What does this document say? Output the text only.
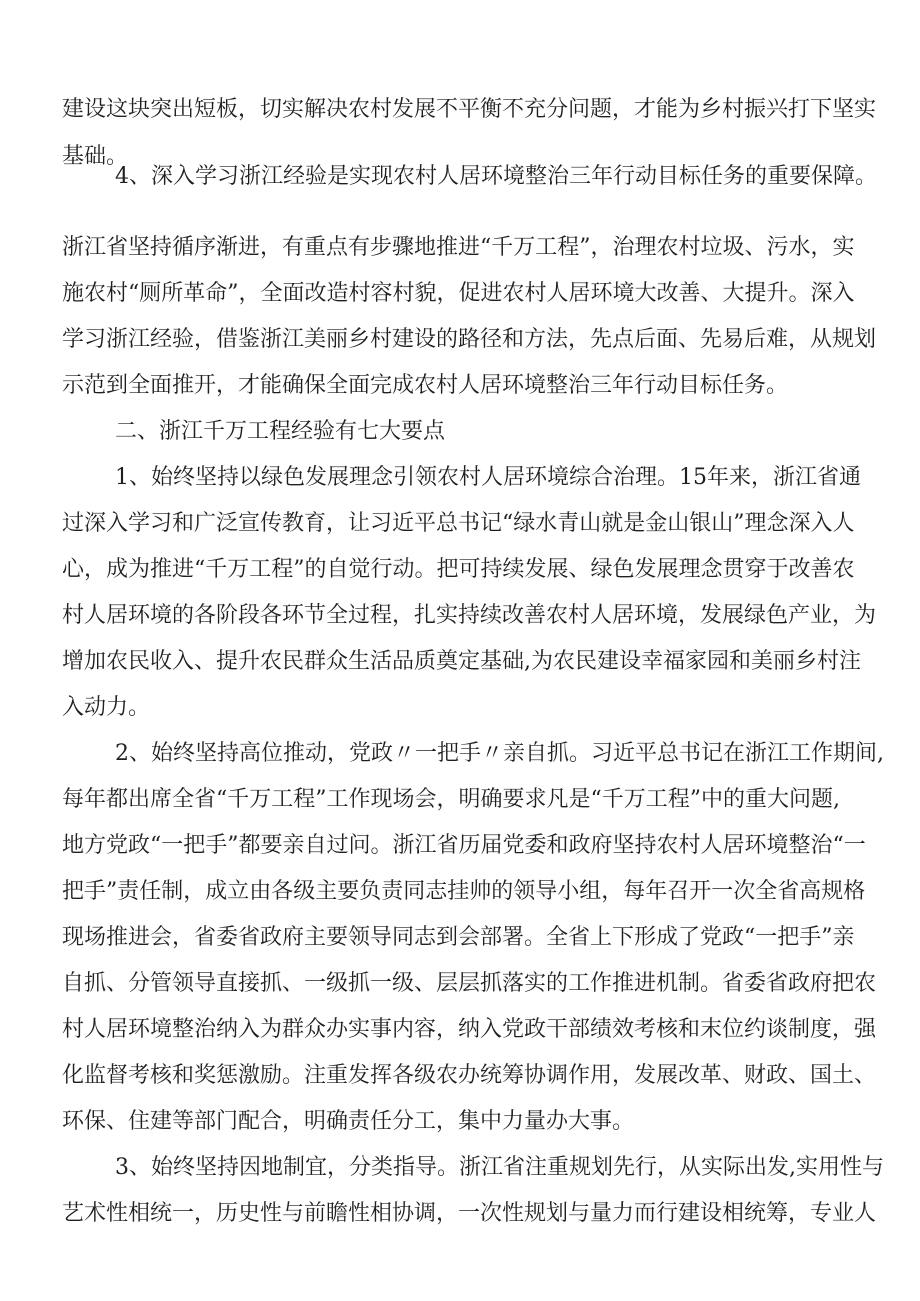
建设这块突出短板，切实解决农村发展不平衡不充分问题，才能为乡村振兴打下坚实
基础。
4、深入学习浙江经验是实现农村人居环境整治三年行动目标任务的重要保障。
浙江省坚持循序渐进，有重点有步骤地推进“千万工程”，治理农村垃圾、污水，实
施农村“厕所革命”，全面改造村容村貌，促进农村人居环境大改善、大提升。深入
学习浙江经验，借鉴浙江美丽乡村建设的路径和方法，先点后面、先易后难，从规划
示范到全面推开，才能确保全面完成农村人居环境整治三年行动目标任务。
二、浙江千万工程经验有七大要点
1、始终坚持以绿色发展理念引领农村人居环境综合治理。15年来，浙江省通
过深入学习和广泛宣传教育，让习近平总书记“绿水青山就是金山银山”理念深入人
心，成为推进“千万工程”的自觉行动。把可持续发展、绿色发展理念贯穿于改善农
村人居环境的各阶段各环节全过程，扎实持续改善农村人居环境，发展绿色产业，为
增加农民收入、提升农民群众生活品质奠定基础,为农民建设幸福家园和美丽乡村注
入动力。
2、始终坚持高位推动，党政〃一把手〃亲自抓。习近平总书记在浙江工作期间,
每年都出席全省“千万工程”工作现场会，明确要求凡是“千万工程”中的重大问题,
地方党政“一把手”都要亲自过问。浙江省历届党委和政府坚持农村人居环境整治“一
把手”责任制，成立由各级主要负责同志挂帅的领导小组，每年召开一次全省高规格
现场推进会，省委省政府主要领导同志到会部署。全省上下形成了党政“一把手”亲
自抓、分管领导直接抓、一级抓一级、层层抓落实的工作推进机制。省委省政府把农
村人居环境整治纳入为群众办实事内容，纳入党政干部绩效考核和末位约谈制度，强
化监督考核和奖惩激励。注重发挥各级农办统筹协调作用，发展改革、财政、国土、
环保、住建等部门配合，明确责任分工，集中力量办大事。
3、始终坚持因地制宜，分类指导。浙江省注重规划先行，从实际出发,实用性与
艺术性相统一，历史性与前瞻性相协调，一次性规划与量力而行建设相统筹，专业人
